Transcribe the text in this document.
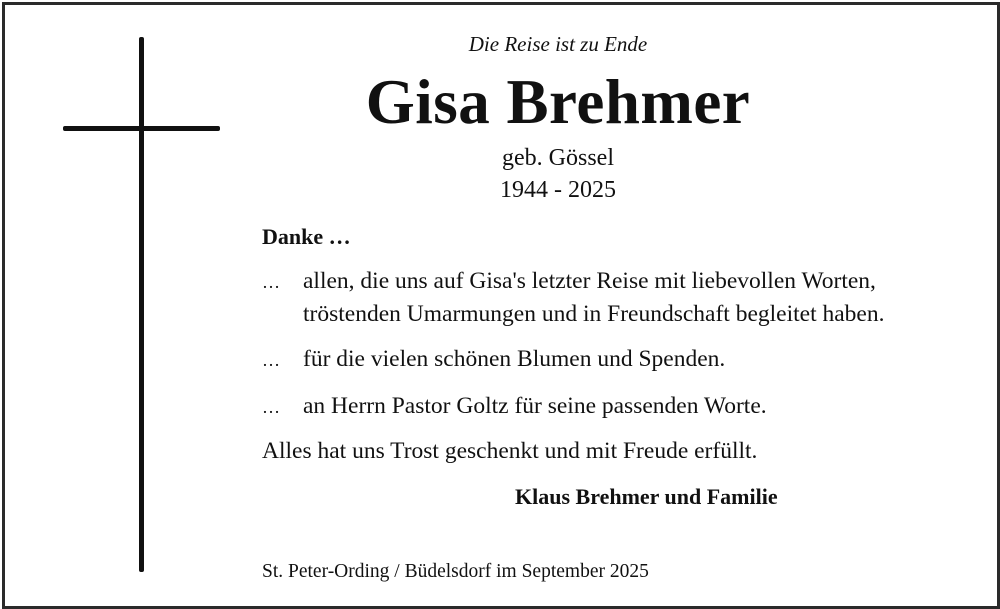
Die Reise ist zu Ende
Gisa Brehmer
geb. Gössel
1944 - 2025
Danke …
… allen, die uns auf Gisa's letzter Reise mit liebevollen Worten,
tröstenden Umarmungen und in Freundschaft begleitet haben.
… für die vielen schönen Blumen und Spenden.
… an Herrn Pastor Goltz für seine passenden Worte.
Alles hat uns Trost geschenkt und mit Freude erfüllt.
Klaus Brehmer und Familie
St. Peter-Ording / Büdelsdorf im September 2025
